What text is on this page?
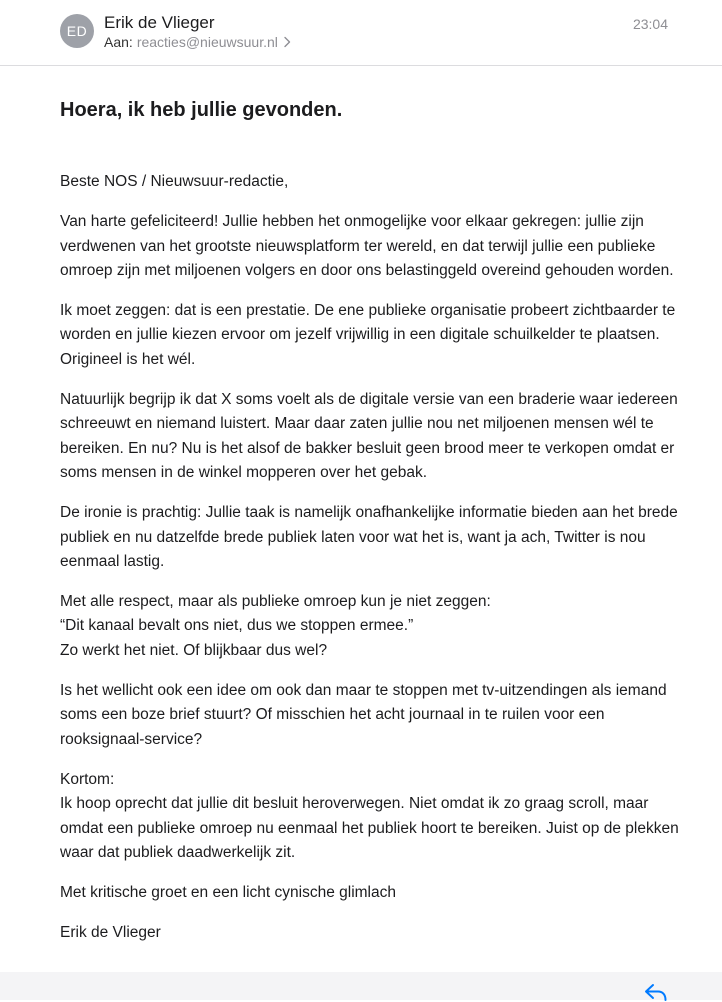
ED Erik de Vlieger
Aan: reacties@nieuwsuur.nl
23:04
Hoera, ik heb jullie gevonden.

Beste NOS / Nieuwsuur-redactie,

Van harte gefeliciteerd! Jullie hebben het onmogelijke voor elkaar gekregen: jullie zijn verdwenen van het grootste nieuwsplatform ter wereld, en dat terwijl jullie een publieke omroep zijn met miljoenen volgers en door ons belastinggeld overeind gehouden worden.

Ik moet zeggen: dat is een prestatie. De ene publieke organisatie probeert zichtbaarder te worden en jullie kiezen ervoor om jezelf vrijwillig in een digitale schuilkelder te plaatsen. Origineel is het wél.

Natuurlijk begrijp ik dat X soms voelt als de digitale versie van een braderie waar iedereen schreeuwt en niemand luistert. Maar daar zaten jullie nou net miljoenen mensen wél te bereiken. En nu? Nu is het alsof de bakker besluit geen brood meer te verkopen omdat er soms mensen in de winkel mopperen over het gebak.

De ironie is prachtig: Jullie taak is namelijk onafhankelijke informatie bieden aan het brede publiek en nu datzelfde brede publiek laten voor wat het is, want ja ach, Twitter is nou eenmaal lastig.

Met alle respect, maar als publieke omroep kun je niet zeggen:
“Dit kanaal bevalt ons niet, dus we stoppen ermee.”
Zo werkt het niet. Of blijkbaar dus wel?

Is het wellicht ook een idee om ook dan maar te stoppen met tv-uitzendingen als iemand soms een boze brief stuurt? Of misschien het acht journaal in te ruilen voor een rooksignaal-service?

Kortom:
Ik hoop oprecht dat jullie dit besluit heroverwegen. Niet omdat ik zo graag scroll, maar omdat een publieke omroep nu eenmaal het publiek hoort te bereiken. Juist op de plekken waar dat publiek daadwerkelijk zit.

Met kritische groet en een licht cynische glimlach

Erik de Vlieger
